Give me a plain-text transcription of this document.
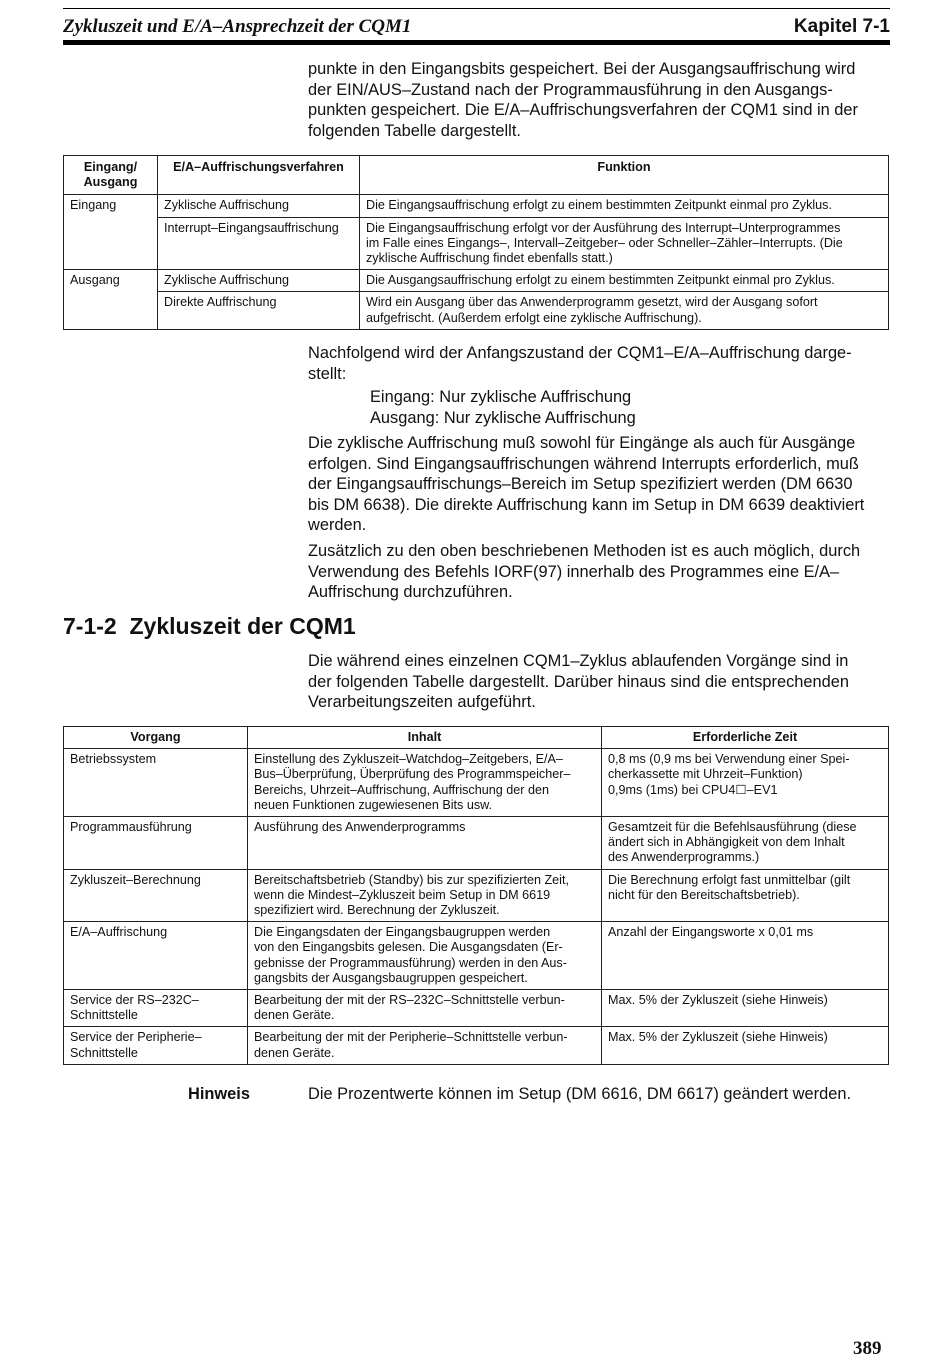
Zykluszeit und E/A–Ansprechzeit der CQM1	Kapitel 7-1
punkte in den Eingangsbits gespeichert. Bei der Ausgangsauffrischung wird
der EIN/AUS–Zustand nach der Programmausführung in den Ausgangs-
punkten gespeichert. Die E/A–Auffrischungsverfahren der CQM1 sind in der
folgenden Tabelle dargestellt.
Eingang/
Ausgang	E/A–Auffrischungsverfahren	Funktion
Eingang	Zyklische Auffrischung	Die Eingangsauffrischung erfolgt zu einem bestimmten Zeitpunkt einmal pro Zyklus.

	Interrupt–Eingangsauffrischung	Die Eingangsauffrischung erfolgt vor der Ausführung des Interrupt–Unterprogrammes
im Falle eines Eingangs–, Intervall–Zeitgeber– oder Schneller–Zähler–Interrupts. (Die
zyklische Auffrischung findet ebenfalls statt.)

Ausgang	Zyklische Auffrischung	Die Ausgangsauffrischung erfolgt zu einem bestimmten Zeitpunkt einmal pro Zyklus.

	Direkte Auffrischung	Wird ein Ausgang über das Anwenderprogramm gesetzt, wird der Ausgang sofort
aufgefrischt. (Außerdem erfolgt eine zyklische Auffrischung).
Nachfolgend wird der Anfangszustand der CQM1–E/A–Auffrischung darge-
stellt:
Eingang: Nur zyklische Auffrischung
Ausgang: Nur zyklische Auffrischung
Die zyklische Auffrischung muß sowohl für Eingänge als auch für Ausgänge
erfolgen. Sind Eingangsauffrischungen während Interrupts erforderlich, muß
der Eingangsauffrischungs–Bereich im Setup spezifiziert werden (DM 6630
bis DM 6638). Die direkte Auffrischung kann im Setup in DM 6639 deaktiviert
werden.
Zusätzlich zu den oben beschriebenen Methoden ist es auch möglich, durch
Verwendung des Befehls IORF(97) innerhalb des Programmes eine E/A–
Auffrischung durchzuführen.
7-1-2  Zykluszeit der CQM1
Die während eines einzelnen CQM1–Zyklus ablaufenden Vorgänge sind in
der folgenden Tabelle dargestellt. Darüber hinaus sind die entsprechenden
Verarbeitungszeiten aufgeführt.
Vorgang	Inhalt	Erforderliche Zeit

Betriebssystem	Einstellung des Zykluszeit–Watchdog–Zeitgebers, E/A–
Bus–Überprüfung, Überprüfung des Programmspeicher–
Bereichs, Uhrzeit–Auffrischung, Auffrischung der den
neuen Funktionen zugewiesenen Bits usw.	0,8 ms (0,9 ms bei Verwendung einer Spei-
cherkassette mit Uhrzeit–Funktion)
0,9ms (1ms) bei CPU4☐–EV1

Programmausführung	Ausführung des Anwenderprogramms	Gesamtzeit für die Befehlsausführung (diese
ändert sich in Abhängigkeit von dem Inhalt
des Anwenderprogramms.)

Zykluszeit–Berechnung	Bereitschaftsbetrieb (Standby) bis zur spezifizierten Zeit,
wenn die Mindest–Zykluszeit beim Setup in DM 6619
spezifiziert wird. Berechnung der Zykluszeit.	Die Berechnung erfolgt fast unmittelbar (gilt
nicht für den Bereitschaftsbetrieb).

E/A–Auffrischung	Die Eingangsdaten der Eingangsbaugruppen werden
von den Eingangsbits gelesen. Die Ausgangsdaten (Er-
gebnisse der Programmausführung) werden in den Aus-
gangsbits der Ausgangsbaugruppen gespeichert.	Anzahl der Eingangsworte x 0,01 ms

Service der RS–232C–
Schnittstelle	Bearbeitung der mit der RS–232C–Schnittstelle verbun-
denen Geräte.	Max. 5% der Zykluszeit (siehe Hinweis)

Service der Peripherie–
Schnittstelle	Bearbeitung der mit der Peripherie–Schnittstelle verbun-
denen Geräte.	Max. 5% der Zykluszeit (siehe Hinweis)
Hinweis	Die Prozentwerte können im Setup (DM 6616, DM 6617) geändert werden.
389
